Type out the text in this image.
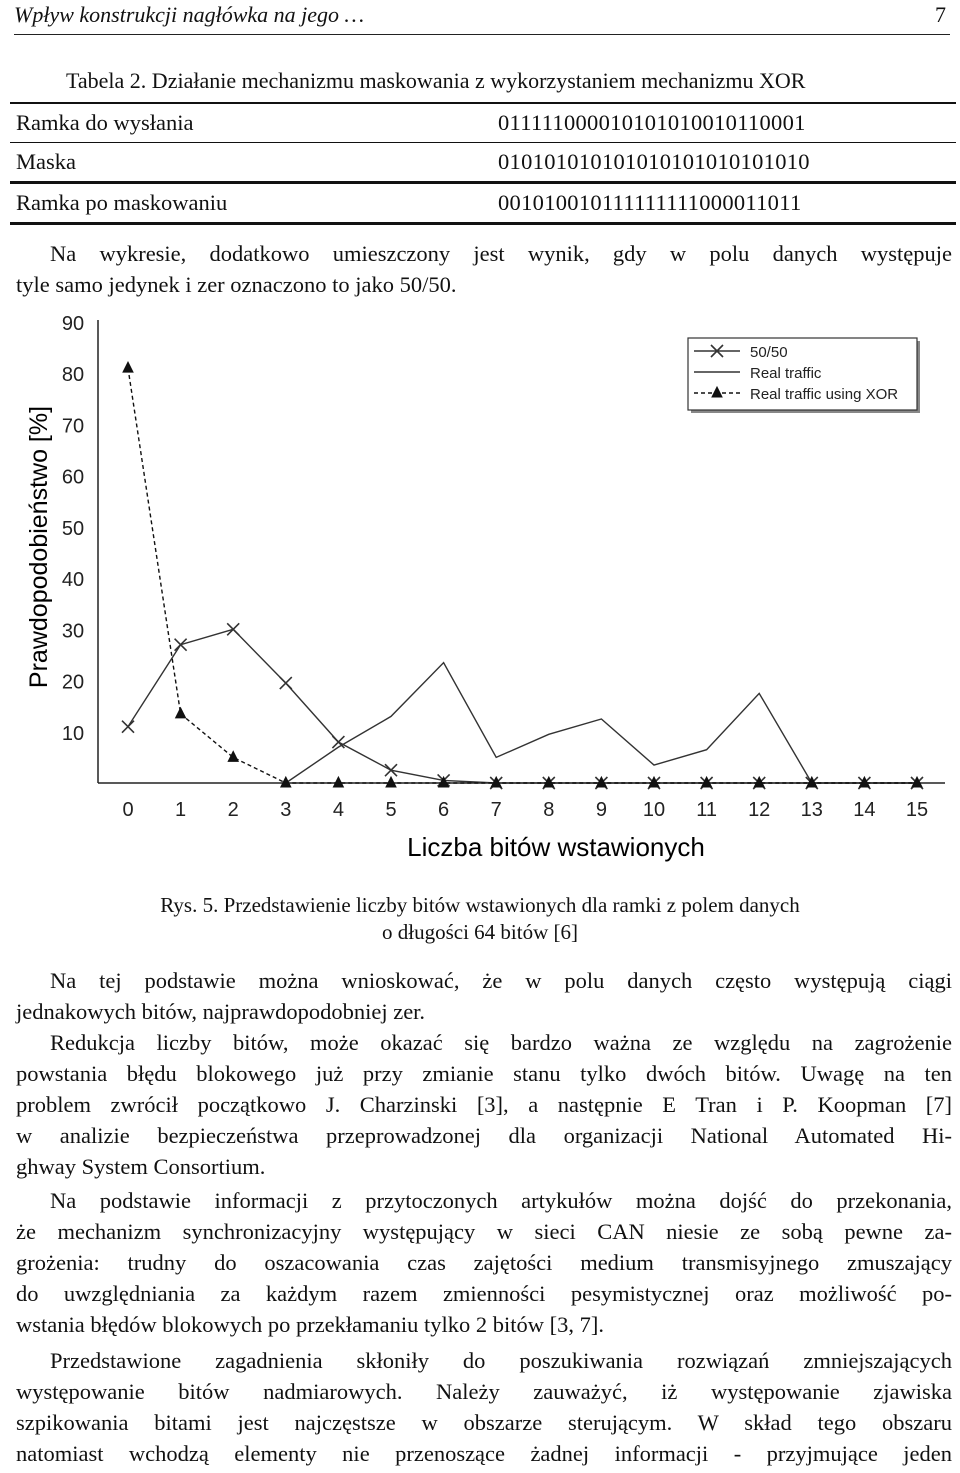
Wpływ konstrukcji nagłówka na jego …	7
Tabela 2. Działanie mechanizmu maskowania z wykorzystaniem mechanizmu XOR
Ramka do wysłania	011111000010101010010110001
Maska	010101010101010101010101010
Ramka po maskowaniu	001010010111111111000011011
Na wykresie, dodatkowo umieszczony jest wynik, gdy w polu danych występuje
tyle samo jedynek i zer oznaczono to jako 50/50.
90
80
70
60
50
40
30
20
10
0 1 2 3 4 5 6 7 8 9 10 11 12 13 14 15
Prawdopodobieństwo [%]
Liczba bitów wstawionych
50/50
Real traffic
Real traffic using XOR
Rys. 5. Przedstawienie liczby bitów wstawionych dla ramki z polem danych
o długości 64 bitów [6]
Na tej podstawie można wnioskować, że w polu danych często występują ciągi
jednakowych bitów, najprawdopodobniej zer.
Redukcja liczby bitów, może okazać się bardzo ważna ze względu na zagrożenie
powstania błędu blokowego już przy zmianie stanu tylko dwóch bitów. Uwagę na ten
problem zwrócił początkowo J. Charzinski [3], a następnie E Tran i P. Koopman [7]
w analizie bezpieczeństwa przeprowadzonej dla organizacji National Automated Hi-
ghway System Consortium.
Na podstawie informacji z przytoczonych artykułów można dojść do przekonania,
że mechanizm synchronizacyjny występujący w sieci CAN niesie ze sobą pewne za-
grożenia: trudny do oszacowania czas zajętości medium transmisyjnego zmuszający
do uwzględniania za każdym razem zmienności pesymistycznej oraz możliwość po-
wstania błędów blokowych po przekłamaniu tylko 2 bitów [3, 7].
Przedstawione zagadnienia skłoniły do poszukiwania rozwiązań zmniejszających
występowanie bitów nadmiarowych. Należy zauważyć, iż występowanie zjawiska
szpikowania bitami jest najczęstsze w obszarze sterującym. W skład tego obszaru
natomiast wchodzą elementy nie przenoszące żadnej informacji - przyjmujące jeden
